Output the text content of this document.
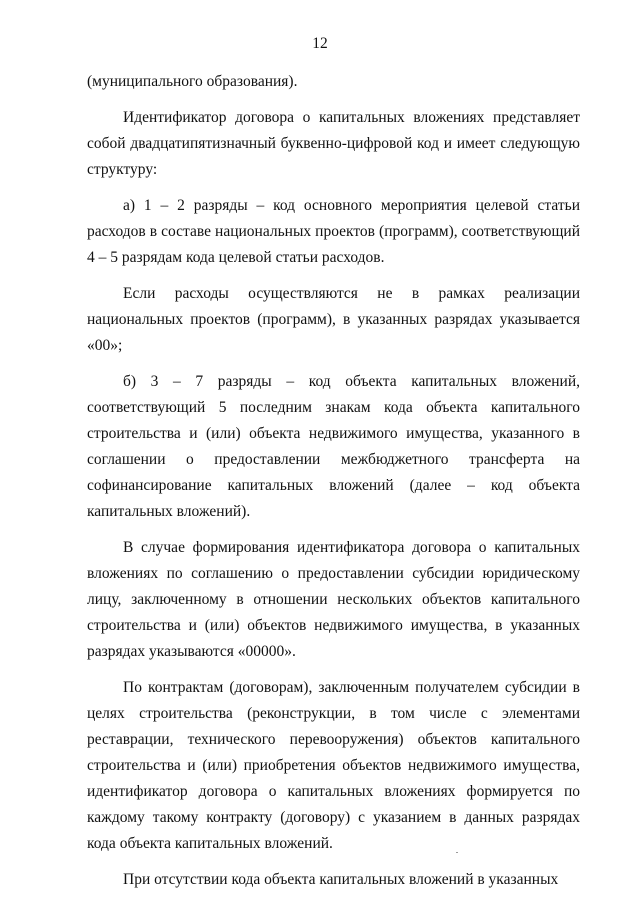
12

(муниципального образования).

Идентификатор договора о капитальных вложениях представляет собой двадцатипятизначный буквенно-цифровой код и имеет следующую структуру:

а) 1 – 2 разряды – код основного мероприятия целевой статьи расходов в составе национальных проектов (программ), соответствующий 4 – 5 разрядам кода целевой статьи расходов.

Если расходы осуществляются не в рамках реализации национальных проектов (программ), в указанных разрядах указывается «00»;

б) 3 – 7 разряды – код объекта капитальных вложений, соответствующий 5 последним знакам кода объекта капитального строительства и (или) объекта недвижимого имущества, указанного в соглашении о предоставлении межбюджетного трансферта на софинансирование капитальных вложений (далее – код объекта капитальных вложений).

В случае формирования идентификатора договора о капитальных вложениях по соглашению о предоставлении субсидии юридическому лицу, заключенному в отношении нескольких объектов капитального строительства и (или) объектов недвижимого имущества, в указанных разрядах указываются «00000».

По контрактам (договорам), заключенным получателем субсидии в целях строительства (реконструкции, в том числе с элементами реставрации, технического перевооружения) объектов капитального строительства и (или) приобретения объектов недвижимого имущества, идентификатор договора о капитальных вложениях формируется по каждому такому контракту (договору) с указанием в данных разрядах кода объекта капитальных вложений.

При отсутствии кода объекта капитальных вложений в указанных
